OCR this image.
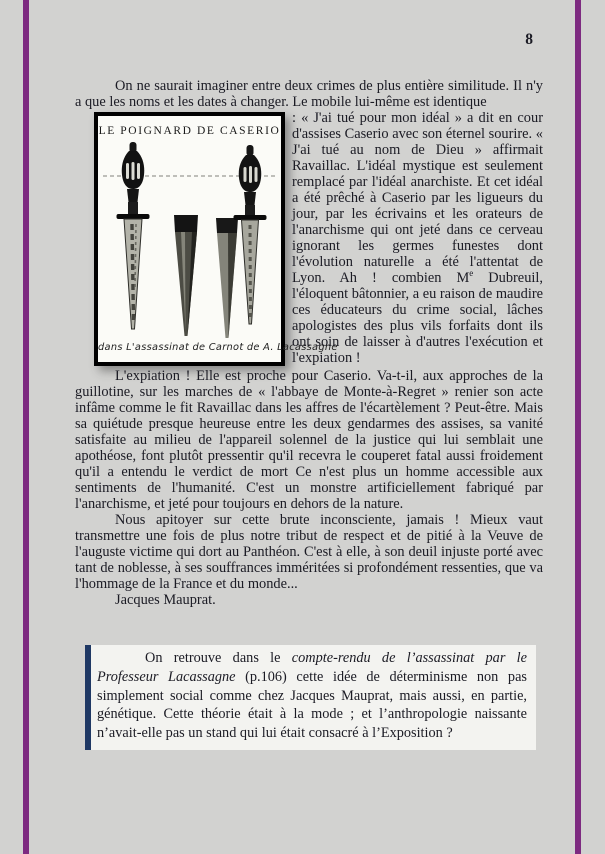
8

On ne saurait imaginer entre deux crimes de plus entière similitude. Il n'y a que les noms et les dates à changer. Le mobile lui-même est identique

LE POIGNARD DE CASERIO
dans L'assassinat de Carnot de A. Lacassagne
: « J'ai tué pour mon idéal » a dit en cour d'assises Caserio avec son éternel sourire. « J'ai tué au nom de Dieu » affirmait Ravaillac. L'idéal mystique est seulement remplacé par l'idéal anarchiste. Et cet idéal a été prêché à Caserio par les ligueurs du jour, par les écrivains et les orateurs de l'anarchisme qui ont jeté dans ce cerveau ignorant les germes funestes dont l'évolution naturelle a été l'attentat de Lyon. Ah ! combien Me Dubreuil, l'éloquent bâtonnier, a eu raison de maudire ces éducateurs du crime social, lâches apologistes des plus vils forfaits dont ils ont soin de laisser à d'autres l'exécution et l'expiation !

L'expiation ! Elle est proche pour Caserio. Va-t-il, aux approches de la guillotine, sur les marches de « l'abbaye de Monte-à-Regret » renier son acte infâme comme le fit Ravaillac dans les affres de l'écartèlement ? Peut-être. Mais sa quiétude presque heureuse entre les deux gendarmes des assises, sa vanité satisfaite au milieu de l'appareil solennel de la justice qui lui semblait une apothéose, font plutôt pressentir qu'il recevra le couperet fatal aussi froidement qu'il a entendu le verdict de mort Ce n'est plus un homme accessible aux sentiments de l'humanité. C'est un monstre artificiellement fabriqué par l'anarchisme, et jeté pour toujours en dehors de la nature.

Nous apitoyer sur cette brute inconsciente, jamais ! Mieux vaut transmettre une fois de plus notre tribut de respect et de pitié à la Veuve de l'auguste victime qui dort au Panthéon. C'est à elle, à son deuil injuste porté avec tant de noblesse, à ses souffrances imméritées si profondément ressenties, que va l'hommage de la France et du monde...

Jacques Mauprat.

On retrouve dans le compte-rendu de l’assassinat par le Professeur Lacassagne (p.106) cette idée de déterminisme non pas simplement social comme chez Jacques Mauprat, mais aussi, en partie, génétique. Cette théorie était à la mode ; et l’anthropologie naissante n’avait-elle pas un stand qui lui était consacré à l’Exposition ?
